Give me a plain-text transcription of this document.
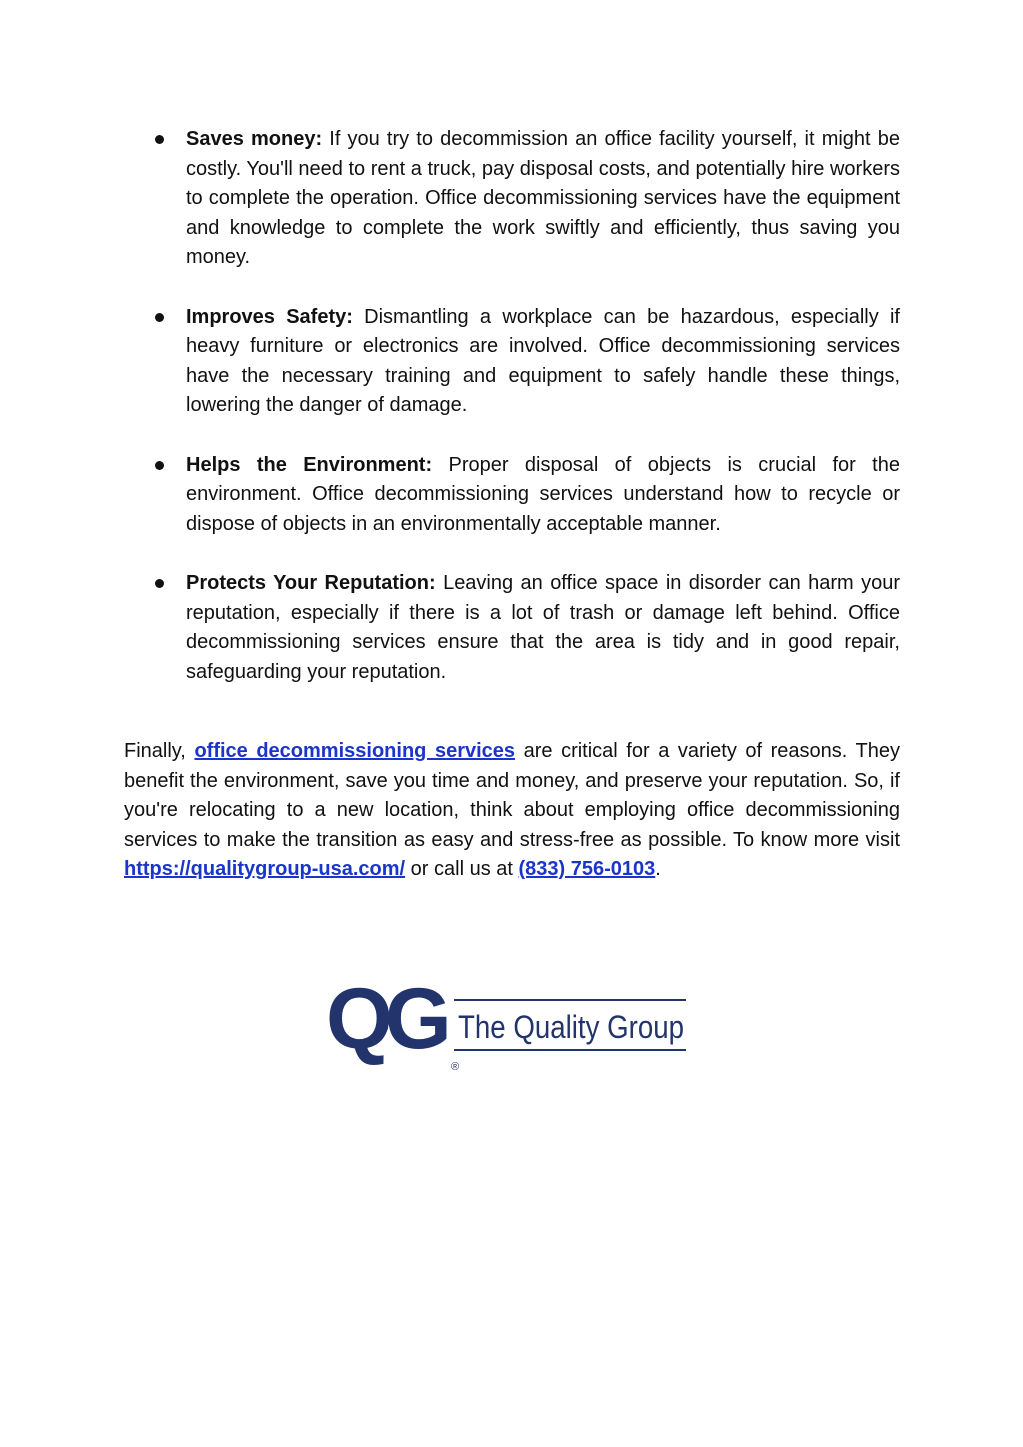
Saves money: If you try to decommission an office facility yourself, it might be costly. You'll need to rent a truck, pay disposal costs, and potentially hire workers to complete the operation. Office decommissioning services have the equipment and knowledge to complete the work swiftly and efficiently, thus saving you money.
Improves Safety: Dismantling a workplace can be hazardous, especially if heavy furniture or electronics are involved. Office decommissioning services have the necessary training and equipment to safely handle these things, lowering the danger of damage.
Helps the Environment: Proper disposal of objects is crucial for the environment. Office decommissioning services understand how to recycle or dispose of objects in an environmentally acceptable manner.
Protects Your Reputation: Leaving an office space in disorder can harm your reputation, especially if there is a lot of trash or damage left behind. Office decommissioning services ensure that the area is tidy and in good repair, safeguarding your reputation.

Finally, office decommissioning services are critical for a variety of reasons. They benefit the environment, save you time and money, and preserve your reputation. So, if you're relocating to a new location, think about employing office decommissioning services to make the transition as easy and stress-free as possible. To know more visit https://qualitygroup-usa.com/ or call us at (833) 756-0103.

QG The Quality Group
®
